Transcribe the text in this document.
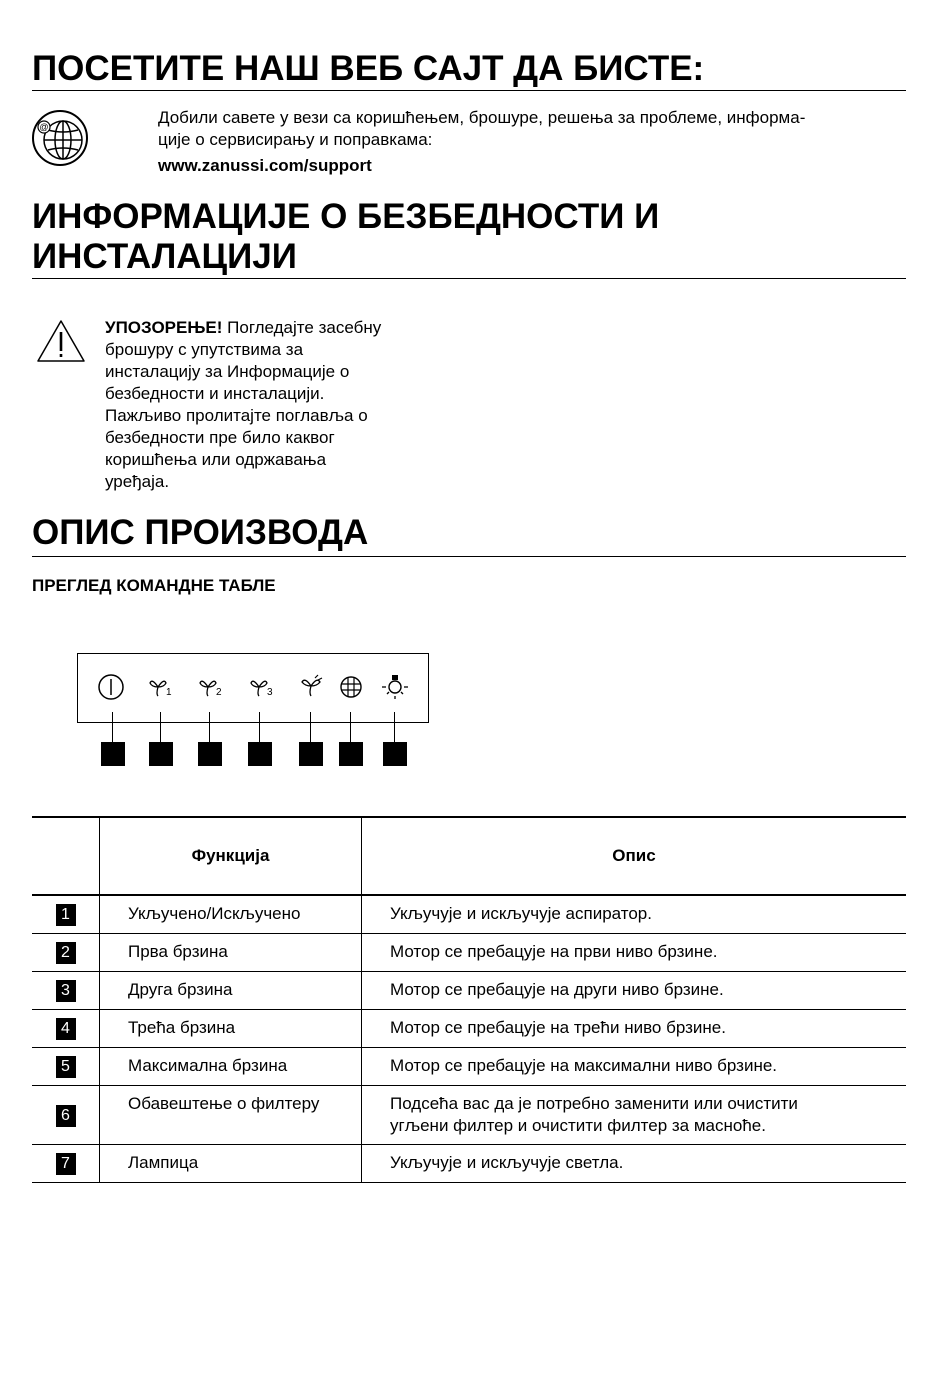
ПОСЕТИТЕ НАШ ВЕБ САЈТ ДА БИСТЕ:
@	Добили савете у вези са коришћењем, брошуре, решења за проблеме, информа-
ције о сервисирању и поправкама:
www.zanussi.com/support
ИНФОРМАЦИЈЕ О БЕЗБЕДНОСТИ И
ИНСТАЛАЦИЈИ
УПОЗОРЕЊЕ! Погледајте засебну
брошуру с упутствима за
инсталацију за Информације о
безбедности и инсталацији.
Пажљиво пролитајте поглавља о
безбедности пре било каквог
коришћења или одржавања
уређаја.
ОПИС ПРОИЗВОДА
ПРЕГЛЕД КОМАНДНЕ ТАБЛЕ
1	2	3
	Функција	Опис
1	Укључено/Искључено	Укључује и искључује аспиратор.

2	Прва брзина	Мотор се пребацује на први ниво брзине.

3	Друга брзина	Мотор се пребацује на други ниво брзине.

4	Трећа брзина	Мотор се пребацује на трећи ниво брзине.

5	Максимална брзина	Мотор се пребацује на максимални ниво брзине.

6	Обавештење о филтеру	Подсећа вас да је потребно заменити или очистити
угљени филтер и очистити филтер за масноће.

7	Лампица	Укључује и искључује светла.
